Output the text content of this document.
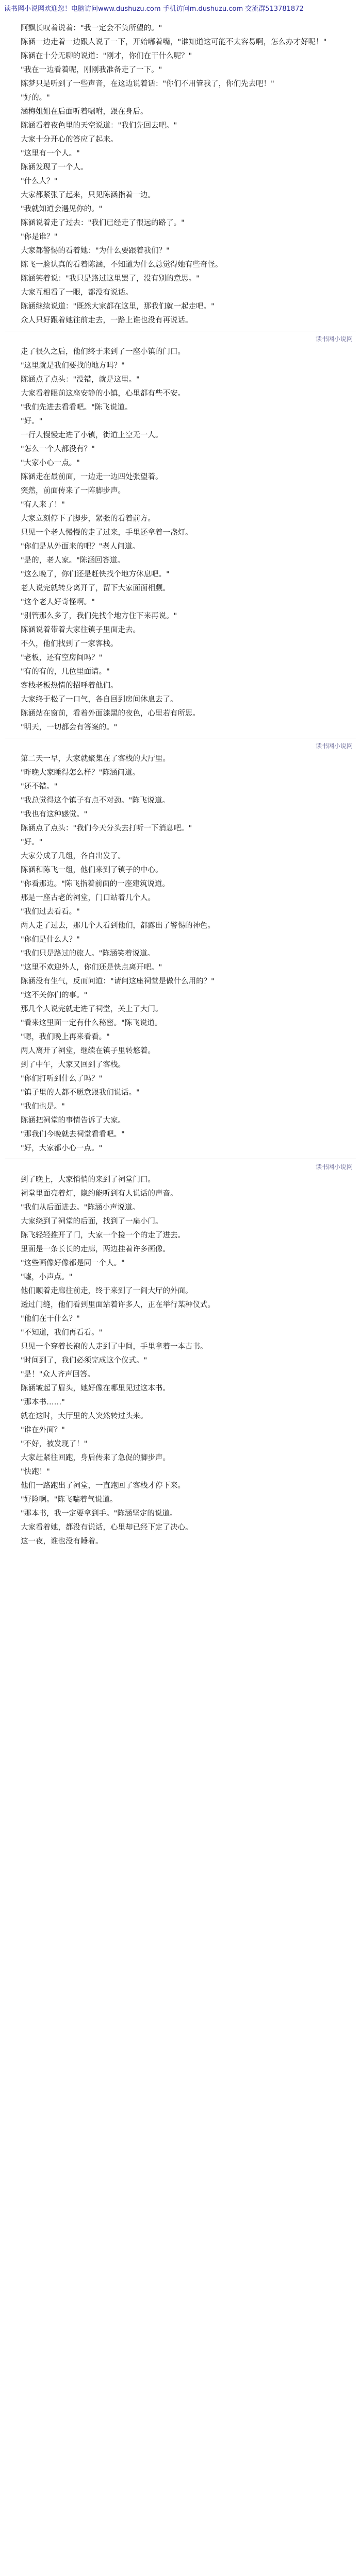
读书网小说网欢迎您！电脑访问www.dushuzu.com 手机访问m.dushuzu.com 交流群513781872

阿飘长叹着说着："我一定会不负所望的。"

陈涵一边走着一边跟人说了一下，开始嘟着嘴，"谁知道这可能不太容易啊，怎么办才好呢！"

陈涵在十分无聊的说道："刚才，你们在干什么呢？"

"我在一边看着呢，刚刚我准备走了一下。"

陈梦只是听到了一些声音，在这边说着话："你们不用管我了，你们先去吧！"

"好的。"

涵梅姐姐在后面听着嘱咐，跟在身后。

陈涵看着夜色里的天空说道："我们先回去吧。"

大家十分开心的答应了起来。

"这里有一个人。"

陈涵发现了一个人。

"什么人？"

大家都紧张了起来，只见陈涵指着一边。

"我就知道会遇见你的。"

陈涵说着走了过去："我们已经走了很远的路了。"

"你是谁？"

大家都警惕的看着她："为什么要跟着我们？"

陈飞一脸认真的看着陈涵，不知道为什么总觉得她有些奇怪。

陈涵笑着说："我只是路过这里罢了，没有别的意思。"

大家互相看了一眼，都没有说话。

陈涵继续说道："既然大家都在这里，那我们就一起走吧。"

众人只好跟着她往前走去，一路上谁也没有再说话。

读书网小说网

走了很久之后，他们终于来到了一座小镇的门口。

"这里就是我们要找的地方吗？"

陈涵点了点头："没错，就是这里。"

大家看着眼前这座安静的小镇，心里都有些不安。

"我们先进去看看吧。"陈飞说道。

"好。"

一行人慢慢走进了小镇，街道上空无一人。

"怎么一个人都没有？"

"大家小心一点。"

陈涵走在最前面，一边走一边四处张望着。

突然，前面传来了一阵脚步声。

"有人来了！"

大家立刻停下了脚步，紧张的看着前方。

只见一个老人慢慢的走了过来，手里还拿着一盏灯。

"你们是从外面来的吧？"老人问道。

"是的，老人家。"陈涵回答道。

"这么晚了，你们还是赶快找个地方休息吧。"

老人说完就转身离开了，留下大家面面相觑。

"这个老人好奇怪啊。"

"别管那么多了，我们先找个地方住下来再说。"

陈涵说着带着大家往镇子里面走去。

不久，他们找到了一家客栈。

"老板，还有空房间吗？"

"有的有的，几位里面请。"

客栈老板热情的招呼着他们。

大家终于松了一口气，各自回到房间休息去了。

陈涵站在窗前，看着外面漆黑的夜色，心里若有所思。

"明天，一切都会有答案的。"

读书网小说网

第二天一早，大家就聚集在了客栈的大厅里。

"昨晚大家睡得怎么样？"陈涵问道。

"还不错。"

"我总觉得这个镇子有点不对劲。"陈飞说道。

"我也有这种感觉。"

陈涵点了点头："我们今天分头去打听一下消息吧。"

"好。"

大家分成了几组，各自出发了。

陈涵和陈飞一组，他们来到了镇子的中心。

"你看那边。"陈飞指着前面的一座建筑说道。

那是一座古老的祠堂，门口站着几个人。

"我们过去看看。"

两人走了过去，那几个人看到他们，都露出了警惕的神色。

"你们是什么人？"

"我们只是路过的旅人。"陈涵笑着说道。

"这里不欢迎外人，你们还是快点离开吧。"

陈涵没有生气，反而问道："请问这座祠堂是做什么用的？"

"这不关你们的事。"

那几个人说完就走进了祠堂，关上了大门。

"看来这里面一定有什么秘密。"陈飞说道。

"嗯，我们晚上再来看看。"

两人离开了祠堂，继续在镇子里转悠着。

到了中午，大家又回到了客栈。

"你们打听到什么了吗？"

"镇子里的人都不愿意跟我们说话。"

"我们也是。"

陈涵把祠堂的事情告诉了大家。

"那我们今晚就去祠堂看看吧。"

"好，大家都小心一点。"

读书网小说网

到了晚上，大家悄悄的来到了祠堂门口。

祠堂里面亮着灯，隐约能听到有人说话的声音。

"我们从后面进去。"陈涵小声说道。

大家绕到了祠堂的后面，找到了一扇小门。

陈飞轻轻推开了门，大家一个接一个的走了进去。

里面是一条长长的走廊，两边挂着许多画像。

"这些画像好像都是同一个人。"

"嘘，小声点。"

他们顺着走廊往前走，终于来到了一间大厅的外面。

透过门缝，他们看到里面站着许多人，正在举行某种仪式。

"他们在干什么？"

"不知道，我们再看看。"

只见一个穿着长袍的人走到了中间，手里拿着一本古书。

"时间到了，我们必须完成这个仪式。"

"是！"众人齐声回答。

陈涵皱起了眉头，她好像在哪里见过这本书。

"那本书……"

就在这时，大厅里的人突然转过头来。

"谁在外面？"

"不好，被发现了！"

大家赶紧往回跑，身后传来了急促的脚步声。

"快跑！"

他们一路跑出了祠堂，一直跑回了客栈才停下来。

"好险啊。"陈飞喘着气说道。

"那本书，我一定要拿到手。"陈涵坚定的说道。

大家看着她，都没有说话，心里却已经下定了决心。

这一夜，谁也没有睡着。
